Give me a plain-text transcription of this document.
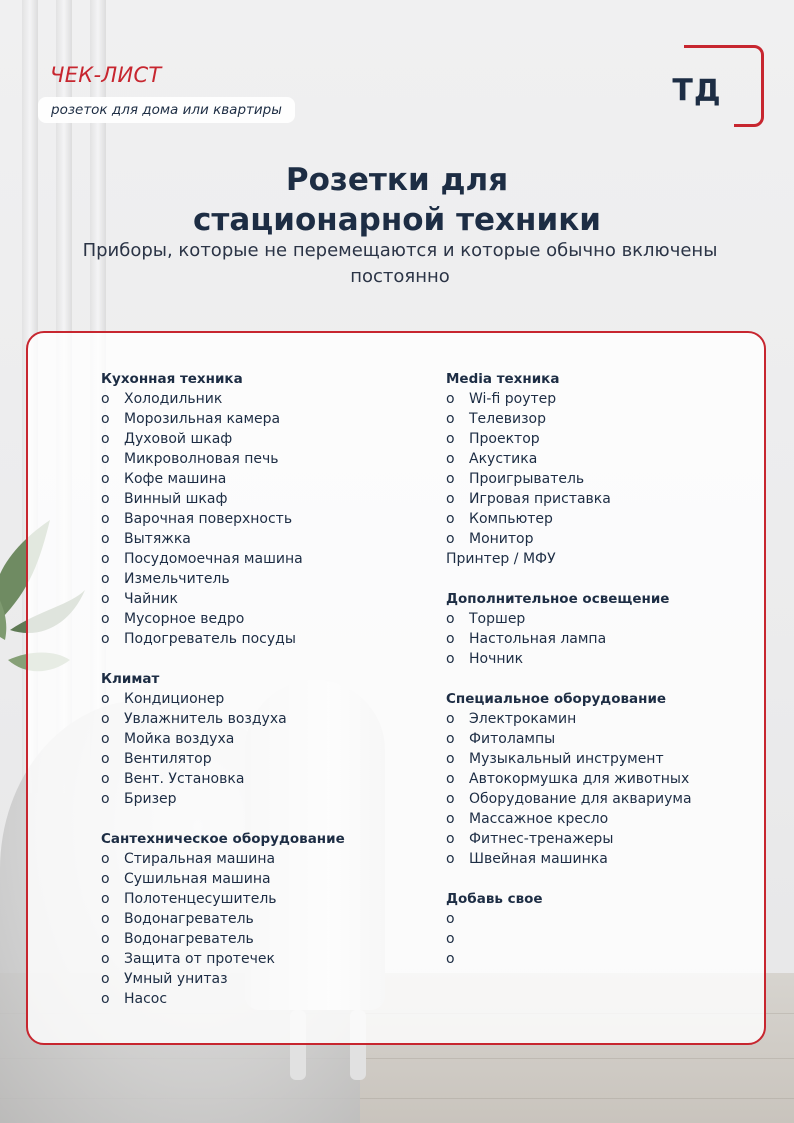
ЧЕК-ЛИСТ
розеток для дома или квартиры
ТД
Розетки для
стационарной техники
Приборы, которые не перемещаются и которые обычно включены постоянно
Кухонная техника
o Холодильник
o Морозильная камера
o Духовой шкаф
o Микроволновая печь
o Кофе машина
o Винный шкаф
o Варочная поверхность
o Вытяжка
o Посудомоечная машина
o Измельчитель
o Чайник
o Мусорное ведро
o Подогреватель посуды
Климат
o Кондиционер
o Увлажнитель воздуха
o Мойка воздуха
o Вентилятор
o Вент. Установка
o Бризер
Сантехническое оборудование
o Стиральная машина
o Сушильная машина
o Полотенцесушитель
o Водонагреватель
o Водонагреватель
o Защита от протечек
o Умный унитаз
o Насос
Media техника
o Wi-fi роутер
o Телевизор
o Проектор
o Акустика
o Проигрыватель
o Игровая приставка
o Компьютер
o Монитор
Принтер / МФУ
Дополнительное освещение
o Торшер
o Настольная лампа
o Ночник
Специальное оборудование
o Электрокамин
o Фитолампы
o Музыкальный инструмент
o Автокормушка для животных
o Оборудование для аквариума
o Массажное кресло
o Фитнес-тренажеры
o Швейная машинка
Добавь свое
o
o
o
